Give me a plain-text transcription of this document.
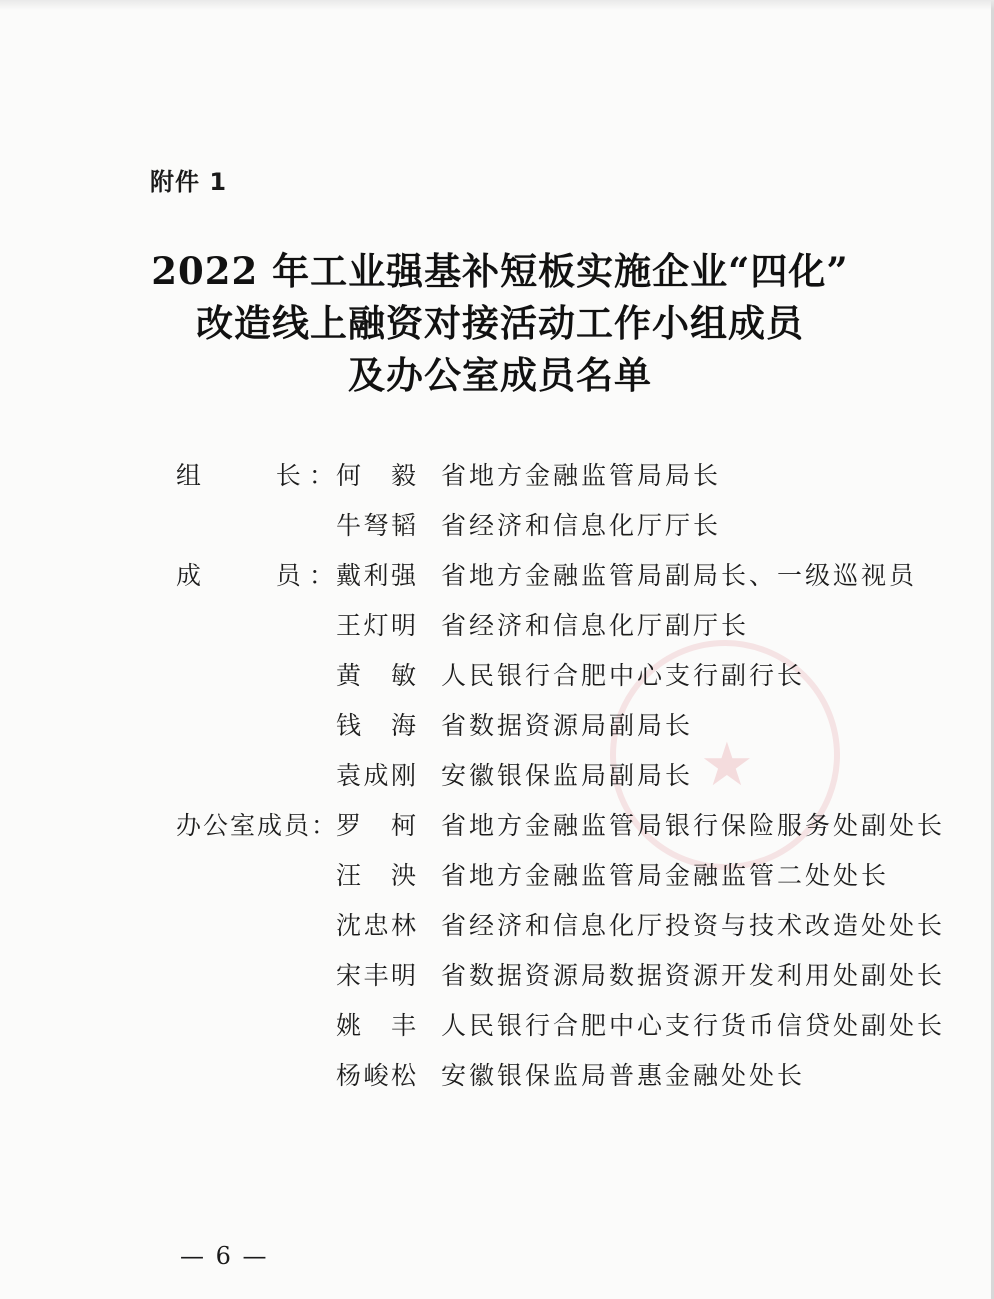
★
附件 1
2022 年工业强基补短板实施企业“四化”
改造线上融资对接活动工作小组成员
及办公室成员名单
组　　长： 何　毅 省地方金融监管局局长
牛弩韬 省经济和信息化厅厅长
成　　员： 戴利强 省地方金融监管局副局长、一级巡视员
王灯明 省经济和信息化厅副厅长
黄　敏 人民银行合肥中心支行副行长
钱　海 省数据资源局副局长
袁成刚 安徽银保监局副局长
办公室成员：
罗　柯 省地方金融监管局银行保险服务处副处长
汪　泱 省地方金融监管局金融监管二处处长
沈忠林 省经济和信息化厅投资与技术改造处处长
宋丰明 省数据资源局数据资源开发利用处副处长
姚　丰 人民银行合肥中心支行货币信贷处副处长
杨峻松 安徽银保监局普惠金融处处长
— 6 —
